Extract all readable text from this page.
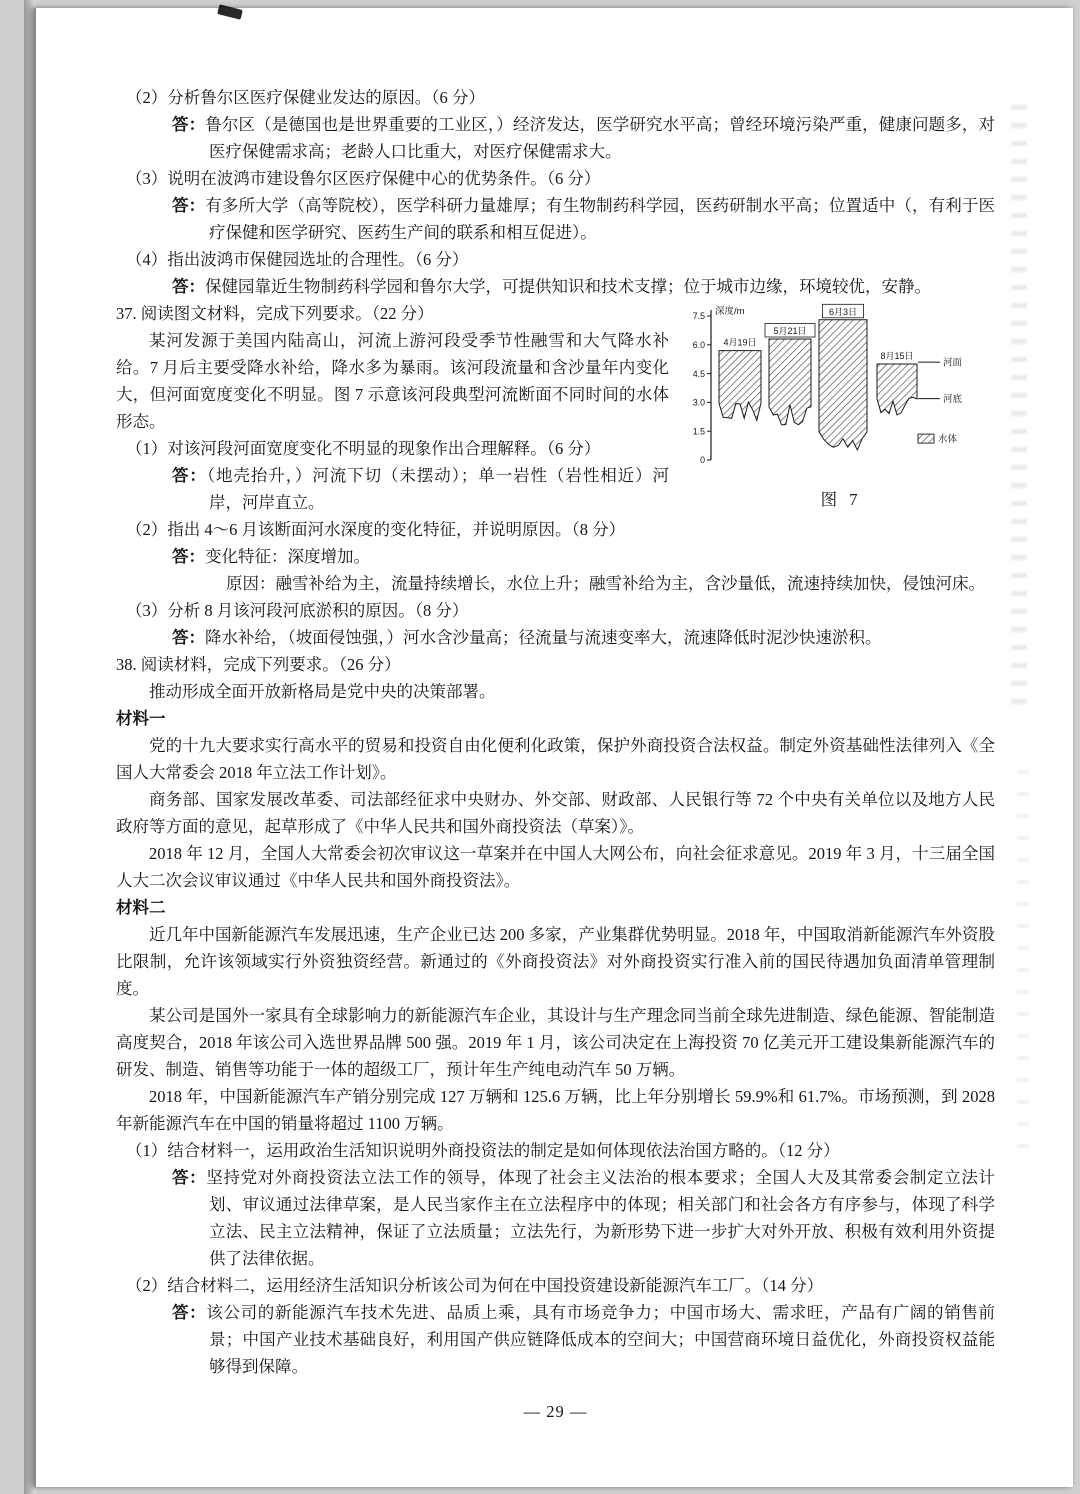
（2）分析鲁尔区医疗保健业发达的原因。（6 分）

答：鲁尔区（是德国也是世界重要的工业区，）经济发达，医学研究水平高；曾经环境污染严重，健康问题多，对医疗保健需求高；老龄人口比重大，对医疗保健需求大。

（3）说明在波鸿市建设鲁尔区医疗保健中心的优势条件。（6 分）

答：有多所大学（高等院校），医学科研力量雄厚；有生物制药科学园，医药研制水平高；位置适中（，有利于医疗保健和医学研究、医药生产间的联系和相互促进）。

（4）指出波鸿市保健园选址的合理性。（6 分）

答：保健园靠近生物制药科学园和鲁尔大学，可提供知识和技术支撑；位于城市边缘，环境较优，安静。

深度/m
0
1.5
3.0
4.5
6.0
7.5
4月19日
5月21日
6月3日
8月15日
河面
河底
水体
图 7

37. 阅读图文材料，完成下列要求。（22 分）

某河发源于美国内陆高山，河流上游河段受季节性融雪和大气降水补给。7 月后主要受降水补给，降水多为暴雨。该河段流量和含沙量年内变化大，但河面宽度变化不明显。图 7 示意该河段典型河流断面不同时间的水体形态。

（1）对该河段河面宽度变化不明显的现象作出合理解释。（6 分）

答：（地壳抬升，）河流下切（未摆动）；单一岩性（岩性相近）河岸，河岸直立。

（2）指出 4～6 月该断面河水深度的变化特征，并说明原因。（8 分）

答：变化特征：深度增加。

原因：融雪补给为主，流量持续增长，水位上升；融雪补给为主，含沙量低，流速持续加快，侵蚀河床。

（3）分析 8 月该河段河底淤积的原因。（8 分）

答：降水补给，（坡面侵蚀强，）河水含沙量高；径流量与流速变率大，流速降低时泥沙快速淤积。

38. 阅读材料，完成下列要求。（26 分）

推动形成全面开放新格局是党中央的决策部署。

材料一

党的十九大要求实行高水平的贸易和投资自由化便利化政策，保护外商投资合法权益。制定外资基础性法律列入《全国人大常委会 2018 年立法工作计划》。

商务部、国家发展改革委、司法部经征求中央财办、外交部、财政部、人民银行等 72 个中央有关单位以及地方人民政府等方面的意见，起草形成了《中华人民共和国外商投资法（草案）》。

2018 年 12 月，全国人大常委会初次审议这一草案并在中国人大网公布，向社会征求意见。2019 年 3 月，十三届全国人大二次会议审议通过《中华人民共和国外商投资法》。

材料二

近几年中国新能源汽车发展迅速，生产企业已达 200 多家，产业集群优势明显。2018 年，中国取消新能源汽车外资股比限制，允许该领域实行外资独资经营。新通过的《外商投资法》对外商投资实行准入前的国民待遇加负面清单管理制度。

某公司是国外一家具有全球影响力的新能源汽车企业，其设计与生产理念同当前全球先进制造、绿色能源、智能制造高度契合，2018 年该公司入选世界品牌 500 强。2019 年 1 月，该公司决定在上海投资 70 亿美元开工建设集新能源汽车的研发、制造、销售等功能于一体的超级工厂，预计年生产纯电动汽车 50 万辆。

2018 年，中国新能源汽车产销分别完成 127 万辆和 125.6 万辆，比上年分别增长 59.9%和 61.7%。市场预测，到 2028 年新能源汽车在中国的销量将超过 1100 万辆。

（1）结合材料一，运用政治生活知识说明外商投资法的制定是如何体现依法治国方略的。（12 分）

答：坚持党对外商投资法立法工作的领导，体现了社会主义法治的根本要求；全国人大及其常委会制定立法计划、审议通过法律草案，是人民当家作主在立法程序中的体现；相关部门和社会各方有序参与，体现了科学立法、民主立法精神，保证了立法质量；立法先行，为新形势下进一步扩大对外开放、积极有效利用外资提供了法律依据。

（2）结合材料二，运用经济生活知识分析该公司为何在中国投资建设新能源汽车工厂。（14 分）

答：该公司的新能源汽车技术先进、品质上乘，具有市场竞争力；中国市场大、需求旺，产品有广阔的销售前景；中国产业技术基础良好，利用国产供应链降低成本的空间大；中国营商环境日益优化，外商投资权益能够得到保障。

— 29 —
